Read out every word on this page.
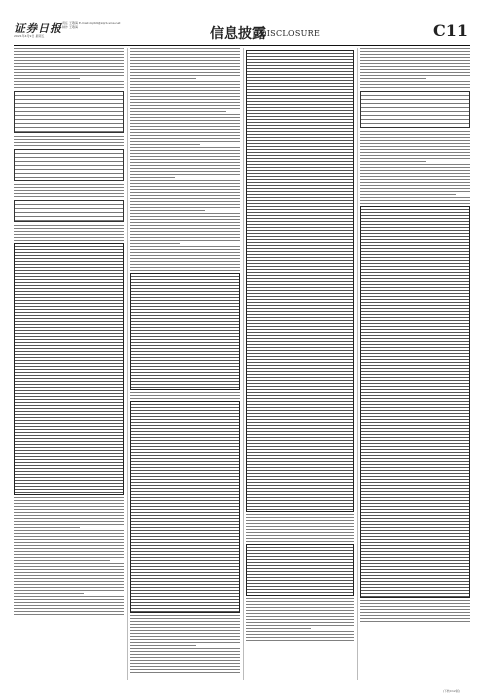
证券日报 责任 王敬海 E-mail:zqrb9@zqrb.sina.net
制作 王敬海
2021年4月9日 星期五	信息披露
DISCLOSURE	C11
(下转C12版)
